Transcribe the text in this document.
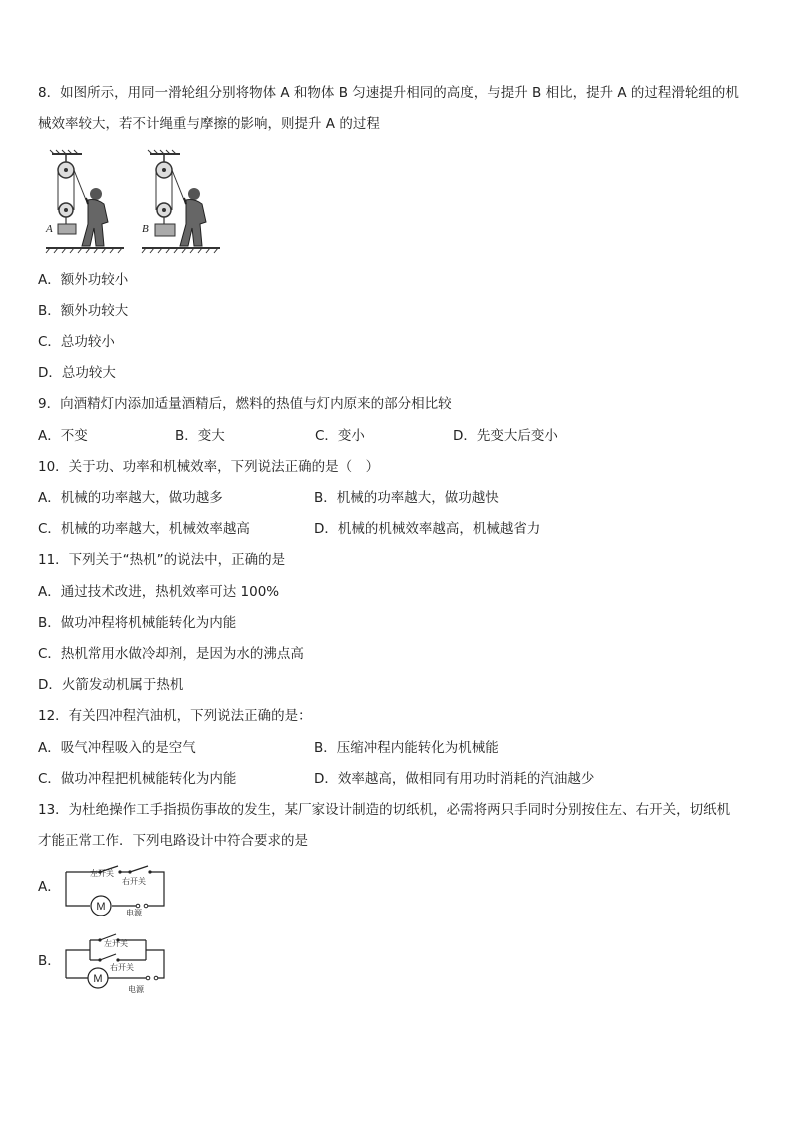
8．如图所示，用同一滑轮组分别将物体 A 和物体 B 匀速提升相同的高度，与提升 B 相比，提升 A 的过程滑轮组的机
械效率较大，若不计绳重与摩擦的影响，则提升 A 的过程
A	B
A．额外功较小
B．额外功较大
C．总功较小
D．总功较大
9．向酒精灯内添加适量酒精后，燃料的热值与灯内原来的部分相比较
A．不变	B．变大	C．变小	D．先变大后变小
10．关于功、功率和机械效率，下列说法正确的是（　）
A．机械的功率越大，做功越多	B．机械的功率越大，做功越快
C．机械的功率越大，机械效率越高	D．机械的机械效率越高，机械越省力
11．下列关于“热机”的说法中，正确的是
A．通过技术改进，热机效率可达 100%
B．做功冲程将机械能转化为内能
C．热机常用水做冷却剂，是因为水的沸点高
D．火箭发动机属于热机
12．有关四冲程汽油机，下列说法正确的是：
A．吸气冲程吸入的是空气	B．压缩冲程内能转化为机械能
C．做功冲程把机械能转化为内能	D．效率越高，做相同有用功时消耗的汽油越少
13．为杜绝操作工手指损伤事故的发生，某厂家设计制造的切纸机，必需将两只手同时分别按住左、右开关，切纸机
才能正常工作．下列电路设计中符合要求的是
A．
M
左开关
右开关
电源
B．
M
左开关
右开关
电源
